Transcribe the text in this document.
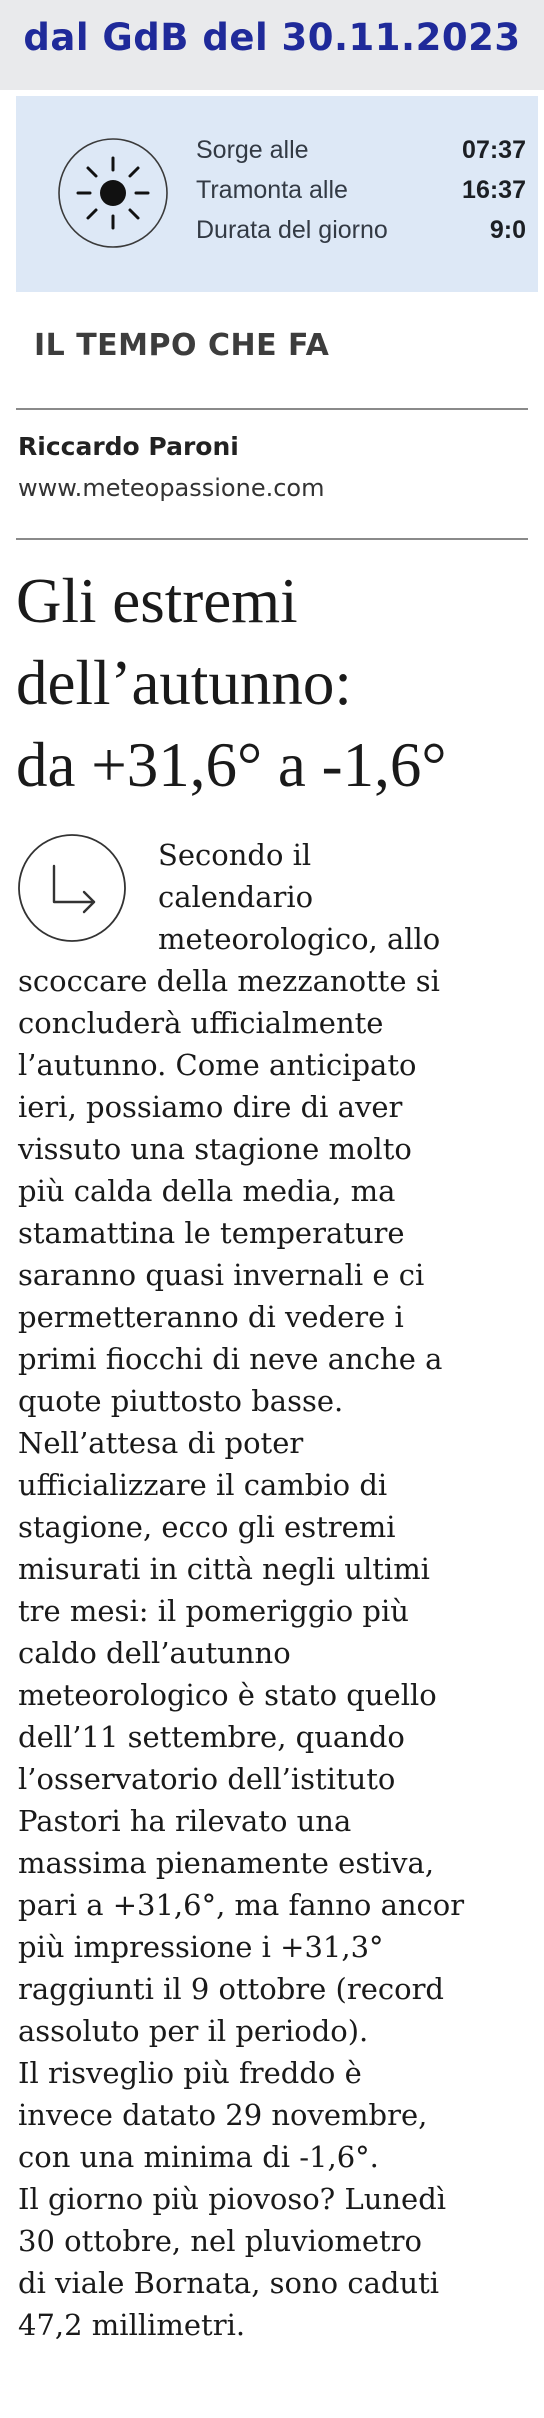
dal GdB del 30.11.2023
Sorge alle	07:37
Tramonta alle	16:37
Durata del giorno	9:0
IL TEMPO CHE FA
Riccardo Paroni
www.meteopassione.com
Gli estremi
dell’autunno:
da +31,6° a -1,6°
Secondo il
calendario
meteorologico, allo
scoccare della mezzanotte si
concluderà ufficialmente
l’autunno. Come anticipato
ieri, possiamo dire di aver
vissuto una stagione molto
più calda della media, ma
stamattina le temperature
saranno quasi invernali e ci
permetteranno di vedere i
primi fiocchi di neve anche a
quote piuttosto basse.
Nell’attesa di poter
ufficializzare il cambio di
stagione, ecco gli estremi
misurati in città negli ultimi
tre mesi: il pomeriggio più
caldo dell’autunno
meteorologico è stato quello
dell’11 settembre, quando
l’osservatorio dell’istituto
Pastori ha rilevato una
massima pienamente estiva,
pari a +31,6°, ma fanno ancor
più impressione i +31,3°
raggiunti il 9 ottobre (record
assoluto per il periodo).
Il risveglio più freddo è
invece datato 29 novembre,
con una minima di -1,6°.
Il giorno più piovoso? Lunedì
30 ottobre, nel pluviometro
di viale Bornata, sono caduti
47,2 millimetri.
